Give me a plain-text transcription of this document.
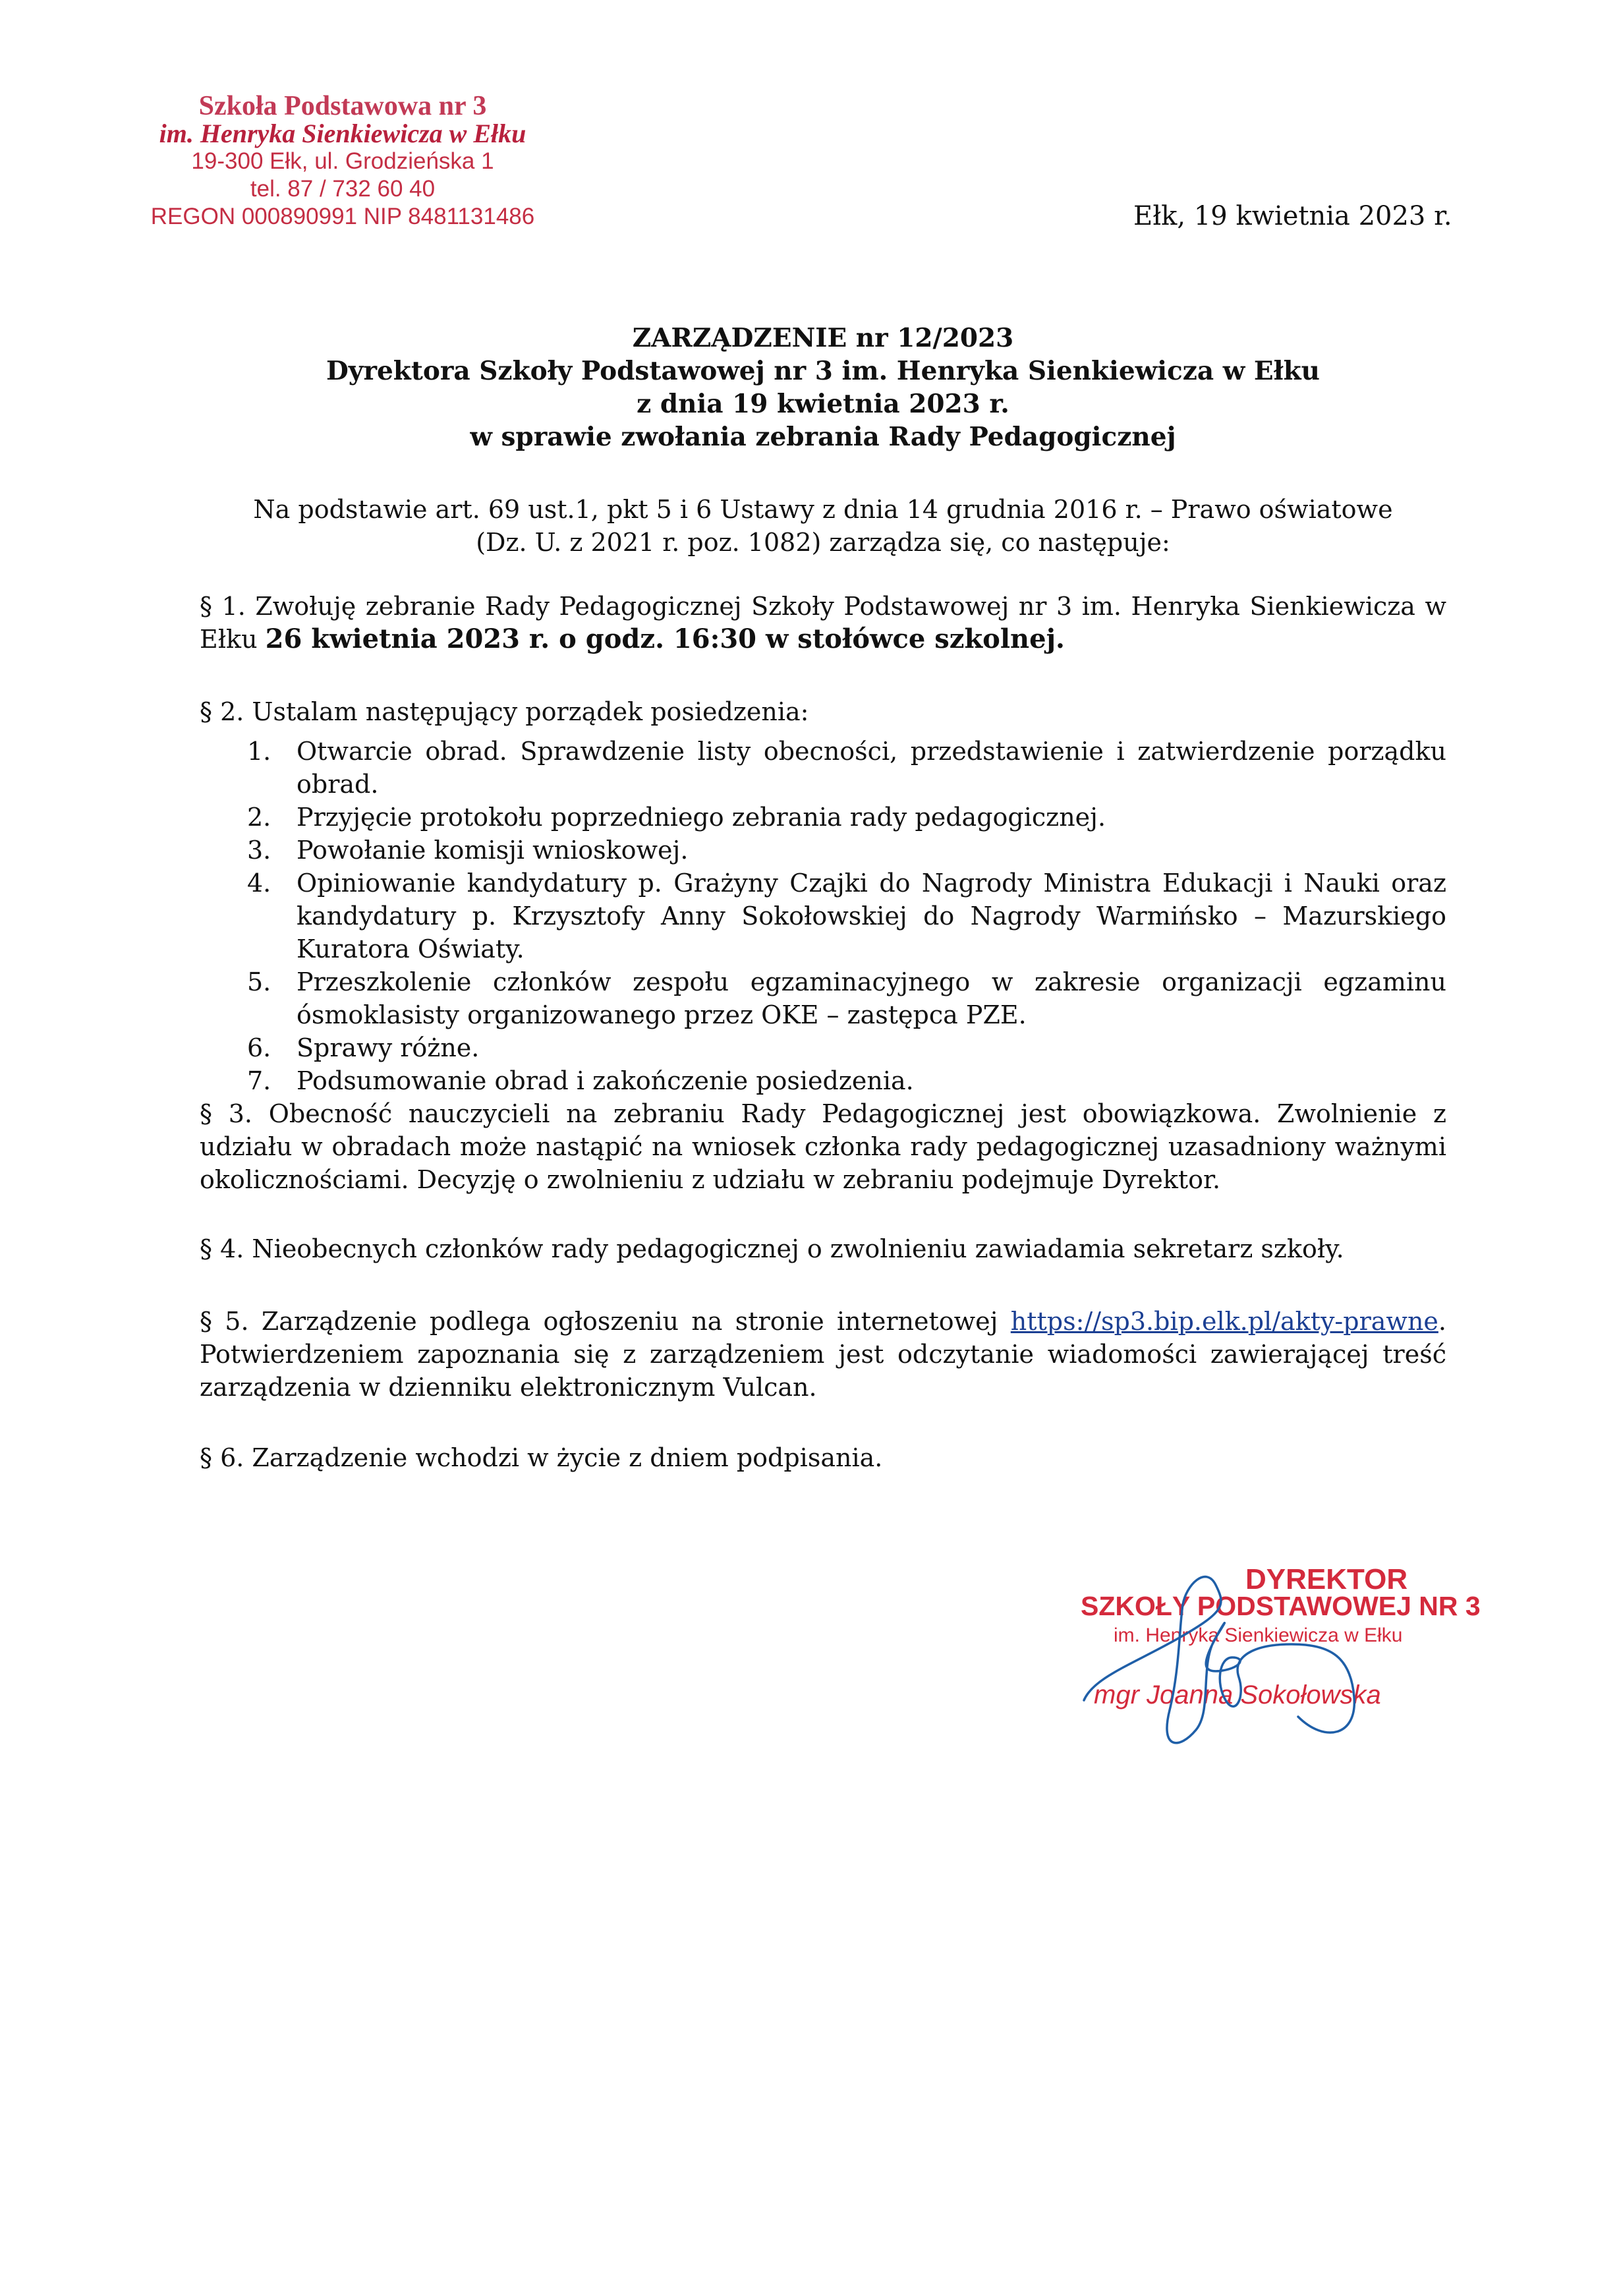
Szkoła Podstawowa nr 3
im. Henryka Sienkiewicza w Ełku
19-300 Ełk, ul. Grodzieńska 1
tel. 87 / 732 60 40
REGON 000890991 NIP 8481131486	Ełk, 19 kwietnia 2023 r.
ZARZĄDZENIE nr 12/2023
Dyrektora Szkoły Podstawowej nr 3 im. Henryka Sienkiewicza w Ełku
z dnia 19 kwietnia 2023 r.
w sprawie zwołania zebrania Rady Pedagogicznej
Na podstawie art. 69 ust.1, pkt 5 i 6 Ustawy z dnia 14 grudnia 2016 r. – Prawo oświatowe
(Dz. U. z 2021 r. poz. 1082) zarządza się, co następuje:
§ 1. Zwołuję zebranie Rady Pedagogicznej Szkoły Podstawowej nr 3 im. Henryka Sienkiewicza w Ełku 26 kwietnia 2023 r. o godz. 16:30 w stołówce szkolnej.
§ 2. Ustalam następujący porządek posiedzenia:
1. Otwarcie obrad. Sprawdzenie listy obecności, przedstawienie i zatwierdzenie porządku obrad.
2. Przyjęcie protokołu poprzedniego zebrania rady pedagogicznej.
3. Powołanie komisji wnioskowej.
4. Opiniowanie kandydatury p. Grażyny Czajki do Nagrody Ministra Edukacji i Nauki oraz kandydatury p. Krzysztofy Anny Sokołowskiej do Nagrody Warmińsko – Mazurskiego Kuratora Oświaty.
5. Przeszkolenie członków zespołu egzaminacyjnego w zakresie organizacji egzaminu ósmoklasisty organizowanego przez OKE – zastępca PZE.
6. Sprawy różne.
7. Podsumowanie obrad i zakończenie posiedzenia.
§ 3. Obecność nauczycieli na zebraniu Rady Pedagogicznej jest obowiązkowa. Zwolnienie z udziału w obradach może nastąpić na wniosek członka rady pedagogicznej uzasadniony ważnymi okolicznościami. Decyzję o zwolnieniu z udziału w zebraniu podejmuje Dyrektor.
§ 4. Nieobecnych członków rady pedagogicznej o zwolnieniu zawiadamia sekretarz szkoły.
§ 5. Zarządzenie podlega ogłoszeniu na stronie internetowej https://sp3.bip.elk.pl/akty-prawne. Potwierdzeniem zapoznania się z zarządzeniem jest odczytanie wiadomości zawierającej treść zarządzenia w dzienniku elektronicznym Vulcan.
§ 6. Zarządzenie wchodzi w życie z dniem podpisania.
DYREKTOR
SZKOŁY PODSTAWOWEJ NR 3
im. Henryka Sienkiewicza w Ełku
mgr Joanna Sokołowska
